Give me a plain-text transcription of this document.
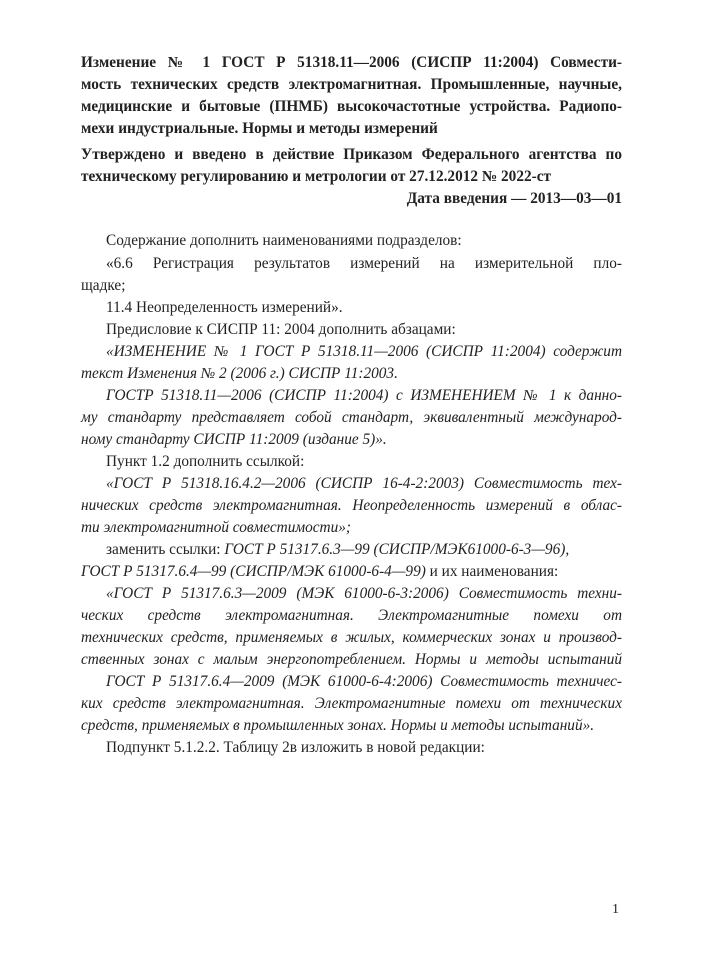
Изменение № 1 ГОСТ Р 51318.11—2006 (СИСПР 11:2004) Совмести-
мость технических средств электромагнитная. Промышленные, научные,
медицинские и бытовые (ПНМБ) высокочастотные устройства. Радиопо-
мехи индустриальные. Нормы и методы измерений
Утверждено и введено в действие Приказом Федерального агентства по
техническому регулированию и метрологии от 27.12.2012 № 2022-ст
Дата введения — 2013—03—01
Содержание дополнить наименованиями подразделов:
«6.6 Регистрация результатов измерений на измерительной пло-
щадке;
11.4 Неопределенность измерений».
Предисловие к СИСПР 11: 2004 дополнить абзацами:
«ИЗМЕНЕНИЕ № 1 ГОСТ Р 51318.11—2006 (СИСПР 11:2004) содержит
текст Изменения № 2 (2006 г.) СИСПР 11:2003.
ГОСТР 51318.11—2006 (СИСПР 11:2004) с ИЗМЕНЕНИЕМ № 1 к данно-
му стандарту представляет собой стандарт, эквивалентный международ-
ному стандарту СИСПР 11:2009 (издание 5)».
Пункт 1.2 дополнить ссылкой:
«ГОСТ Р 51318.16.4.2—2006 (СИСПР 16-4-2:2003) Совместимость тех-
нических средств электромагнитная. Неопределенность измерений в облас-
ти электромагнитной совместимости»;
заменить ссылки: ГОСТ Р 51317.6.3—99 (СИСПР/МЭК61000-6-3—96),
ГОСТ Р 51317.6.4—99 (СИСПР/МЭК 61000-6-4—99) и их наименования:
«ГОСТ Р 51317.6.3—2009 (МЭК 61000-6-3:2006) Совместимость техни-
ческих средств электромагнитная. Электромагнитные помехи от
технических средств, применяемых в жилых, коммерческих зонах и производ-
ственных зонах с малым энергопотреблением. Нормы и методы испытаний
ГОСТ Р 51317.6.4—2009 (МЭК 61000-6-4:2006) Совместимость техничес-
ких средств электромагнитная. Электромагнитные помехи от технических
средств, применяемых в промышленных зонах. Нормы и методы испытаний».
Подпункт 5.1.2.2. Таблицу 2в изложить в новой редакции:
1
